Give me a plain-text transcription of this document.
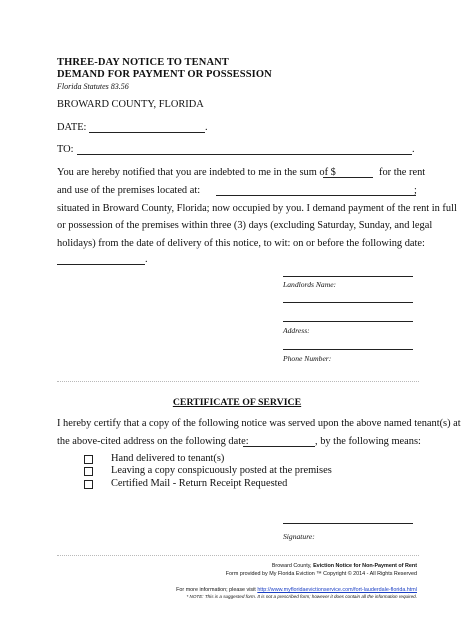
THREE-DAY NOTICE TO TENANT
DEMAND FOR PAYMENT OR POSSESSION
Florida Statutes 83.56
BROWARD COUNTY, FLORIDA
DATE:	.
TO:	.
You are hereby notified that you are indebted to me in the sum of $	for the rent
and use of the premises located at:	;
situated in Broward County, Florida; now occupied by you. I demand payment of the rent in full
or possession of the premises within three (3) days (excluding Saturday, Sunday, and legal
holidays) from the date of delivery of this notice, to wit: on or before the following date:
.
Landlords Name:
Address:
Phone Number:
CERTIFICATE OF SERVICE
I hereby certify that a copy of the following notice was served upon the above named tenant(s) at
the above-cited address on the following date:	, by the following means:
Hand delivered to tenant(s)
Leaving a copy conspicuously posted at the premises
Certified Mail - Return Receipt Requested
Signature:
Broward County, Eviction Notice for Non-Payment of Rent
Form provided by My Florida Eviction ™ Copyright © 2014 - All Rights Reserved
For more information; please visit http://www.myfloridaevictionservice.com/fort-lauderdale-florida.html
* NOTE: This is a suggested form. It is not a prescribed form; however it does contain all the information required.
